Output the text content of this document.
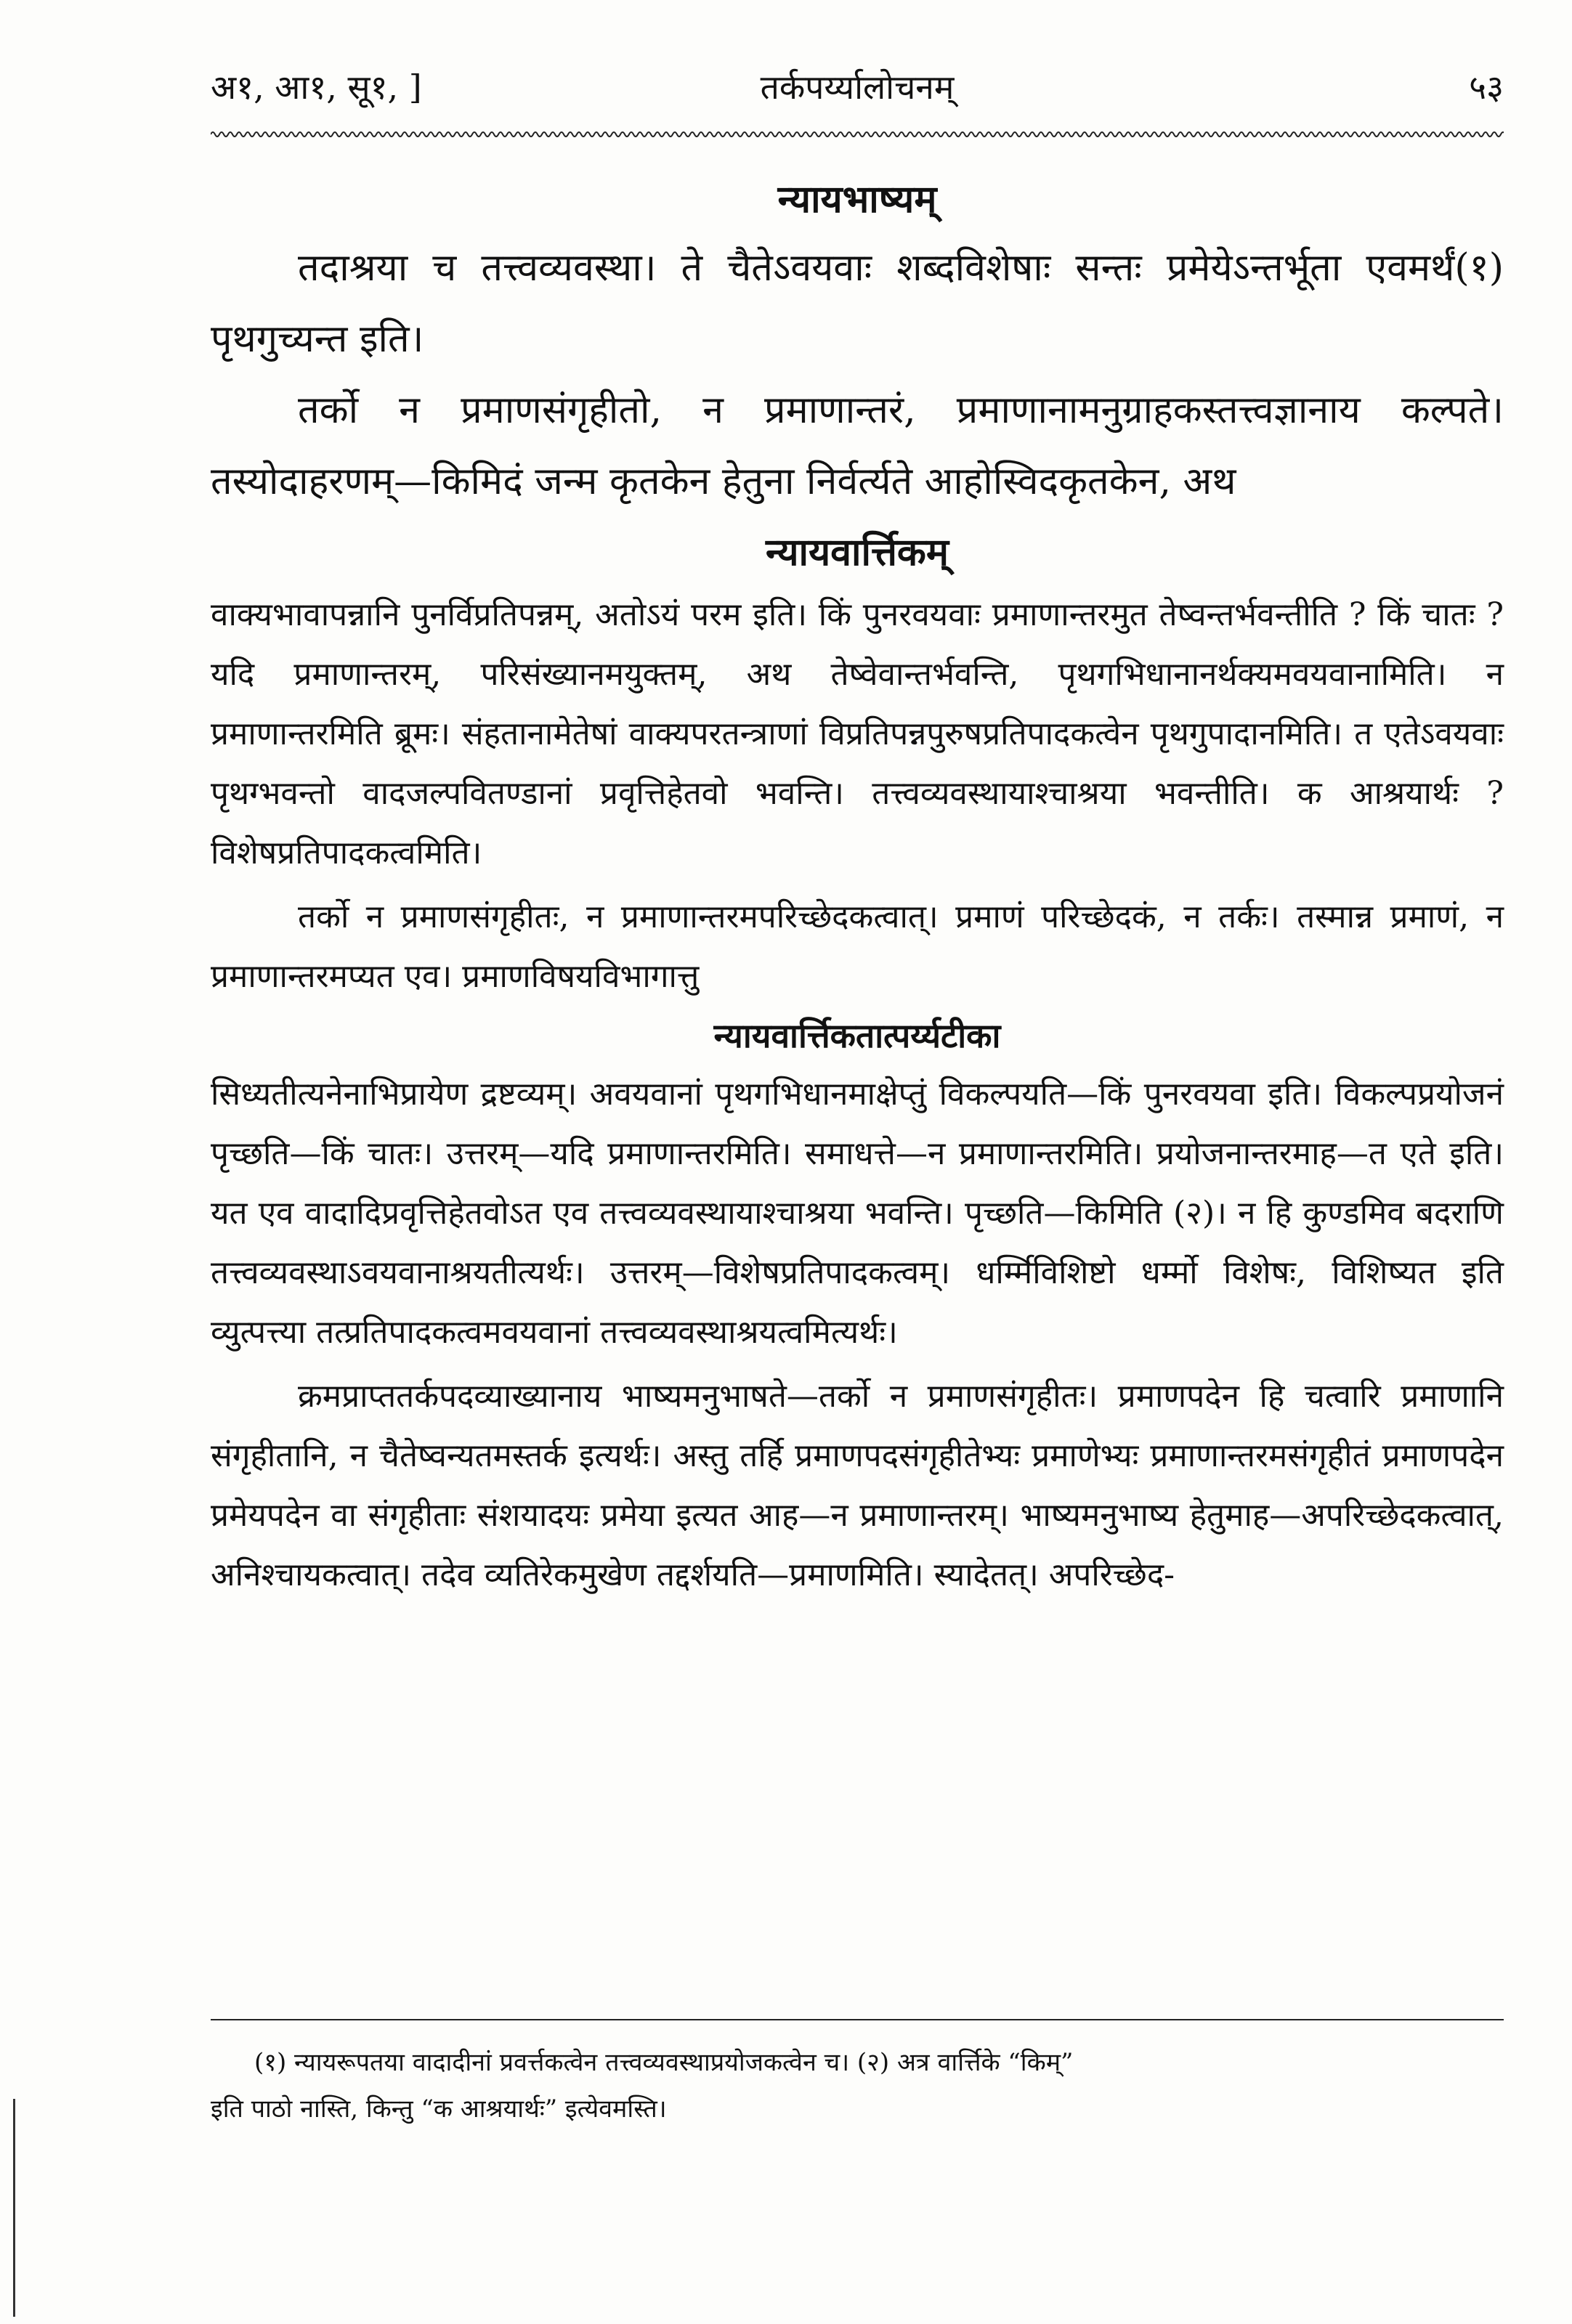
अ१, आ१, सू१, ]	तर्कपर्य्यालोचनम्	५३
न्यायभाष्यम्

तदाश्रया च तत्त्वव्यवस्था। ते चैतेऽवयवाः शब्दविशेषाः सन्तः प्रमेयेऽन्तर्भूता एवमर्थं(१) पृथगुच्यन्त इति।

तर्को न प्रमाणसंगृहीतो, न प्रमाणान्तरं, प्रमाणानामनुग्राहकस्तत्त्वज्ञानाय कल्पते। तस्योदाहरणम्—किमिदं जन्म कृतकेन हेतुना निर्वर्त्यते आहोस्विदकृतकेन, अथ

न्यायवार्त्तिकम्

वाक्यभावापन्नानि पुनर्विप्रतिपन्नम्, अतोऽयं परम इति। किं पुनरवयवाः प्रमाणान्तरमुत तेष्वन्तर्भवन्तीति ? किं चातः ? यदि प्रमाणान्तरम्, परिसंख्यानमयुक्तम्, अथ तेष्वेवान्तर्भवन्ति, पृथगभिधानानर्थक्यमवयवानामिति। न प्रमाणान्तरमिति ब्रूमः। संहतानामेतेषां वाक्यपरतन्त्राणां विप्रतिपन्नपुरुषप्रतिपादकत्वेन पृथगुपादानमिति। त एतेऽवयवाः पृथग्भवन्तो वादजल्पवितण्डानां प्रवृत्तिहेतवो भवन्ति। तत्त्वव्यवस्थायाश्चाश्रया भवन्तीति। क आश्रयार्थः ? विशेषप्रतिपादकत्वमिति।

तर्को न प्रमाणसंगृहीतः, न प्रमाणान्तरमपरिच्छेदकत्वात्। प्रमाणं परिच्छेदकं, न तर्कः। तस्मान्न प्रमाणं, न प्रमाणान्तरमप्यत एव। प्रमाणविषयविभागात्तु

न्यायवार्त्तिकतात्पर्य्यटीका

सिध्यतीत्यनेनाभिप्रायेण द्रष्टव्यम्। अवयवानां पृथगभिधानमाक्षेप्तुं विकल्पयति—किं पुनरवयवा इति। विकल्पप्रयोजनं पृच्छति—किं चातः। उत्तरम्—यदि प्रमाणान्तरमिति। समाधत्ते—न प्रमाणान्तरमिति। प्रयोजनान्तरमाह—त एते इति। यत एव वादादिप्रवृत्तिहेतवोऽत एव तत्त्वव्यवस्थायाश्चाश्रया भवन्ति। पृच्छति—किमिति (२)। न हि कुण्डमिव बदराणि तत्त्वव्यवस्थाऽवयवानाश्रयतीत्यर्थः। उत्तरम्—विशेषप्रतिपादकत्वम्। धर्म्मिविशिष्टो धर्म्मो विशेषः, विशिष्यत इति व्युत्पत्त्या तत्प्रतिपादकत्वमवयवानां तत्त्वव्यवस्थाश्रयत्वमित्यर्थः।

क्रमप्राप्ततर्कपदव्याख्यानाय भाष्यमनुभाषते—तर्को न प्रमाणसंगृहीतः। प्रमाणपदेन हि चत्वारि प्रमाणानि संगृहीतानि, न चैतेष्वन्यतमस्तर्क इत्यर्थः। अस्तु तर्हि प्रमाणपदसंगृहीतेभ्यः प्रमाणेभ्यः प्रमाणान्तरमसंगृहीतं प्रमाणपदेन प्रमेयपदेन वा संगृहीताः संशयादयः प्रमेया इत्यत आह—न प्रमाणान्तरम्। भाष्यमनुभाष्य हेतुमाह—अपरिच्छेदकत्वात्, अनिश्चायकत्वात्। तदेव व्यतिरेकमुखेण तद्दर्शयति—प्रमाणमिति। स्यादेतत्। अपरिच्छेद-

(१) न्यायरूपतया वादादीनां प्रवर्त्तकत्वेन तत्त्वव्यवस्थाप्रयोजकत्वेन च। (२) अत्र वार्त्तिके “किम्”

इति पाठो नास्ति, किन्तु “क आश्रयार्थः” इत्येवमस्ति।
